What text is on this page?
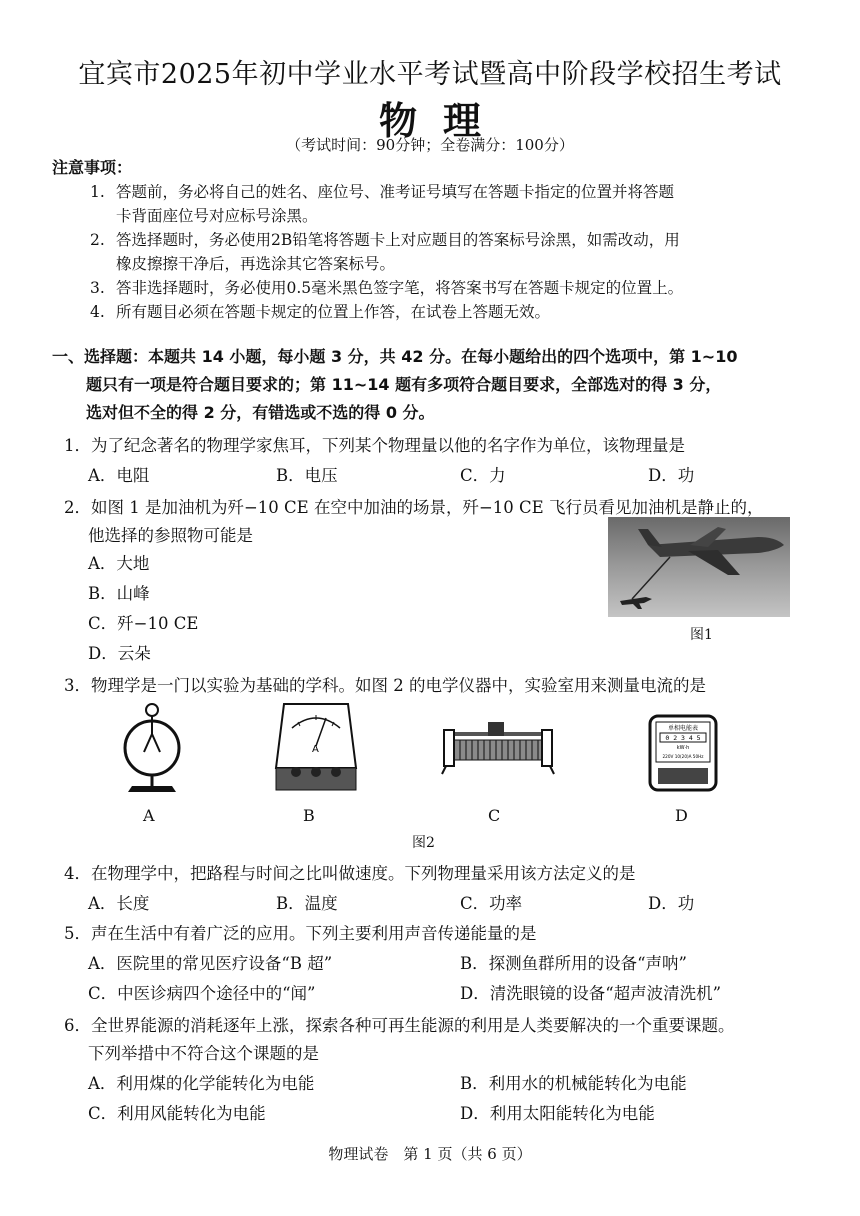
宜宾市2025年初中学业水平考试暨高中阶段学校招生考试
物理
（考试时间：90分钟；全卷满分：100分）
注意事项：
1. 答题前，务必将自己的姓名、座位号、准考证号填写在答题卡指定的位置并将答题
卡背面座位号对应标号涂黑。
2. 答选择题时，务必使用2B铅笔将答题卡上对应题目的答案标号涂黑，如需改动，用
橡皮擦擦干净后，再选涂其它答案标号。
3. 答非选择题时，务必使用0.5毫米黑色签字笔，将答案书写在答题卡规定的位置上。
4. 所有题目必须在答题卡规定的位置上作答，在试卷上答题无效。
一、选择题：本题共 14 小题，每小题 3 分，共 42 分。在每小题给出的四个选项中，第 1~10
题只有一项是符合题目要求的；第 11~14 题有多项符合题目要求，全部选对的得 3 分，
选对但不全的得 2 分，有错选或不选的得 0 分。
1．为了纪念著名的物理学家焦耳，下列某个物理量以他的名字作为单位，该物理量是
A．电阻	B．电压	C．力	D．功
2．如图 1 是加油机为歼−10 CE 在空中加油的场景，歼−10 CE 飞行员看见加油机是静止的，
他选择的参照物可能是
A．大地
B．山峰
C．歼−10 CE
D．云朵
图1
3．物理学是一门以实验为基础的学科。如图 2 的电学仪器中，实验室用来测量电流的是
A
单相电能表
0 2 3 4 5
kW·h
220V 10(20)A 50Hz
A	B	C	D
图2
4．在物理学中，把路程与时间之比叫做速度。下列物理量采用该方法定义的是
A．长度	B．温度	C．功率	D．功
5．声在生活中有着广泛的应用。下列主要利用声音传递能量的是
A．医院里的常见医疗设备“B 超”	B．探测鱼群所用的设备“声呐”
C．中医诊病四个途径中的“闻”	D．清洗眼镜的设备“超声波清洗机”
6．全世界能源的消耗逐年上涨，探索各种可再生能源的利用是人类要解决的一个重要课题。
下列举措中不符合这个课题的是
A．利用煤的化学能转化为电能	B．利用水的机械能转化为电能
C．利用风能转化为电能	D．利用太阳能转化为电能
物理试卷　第 1 页（共 6 页）
